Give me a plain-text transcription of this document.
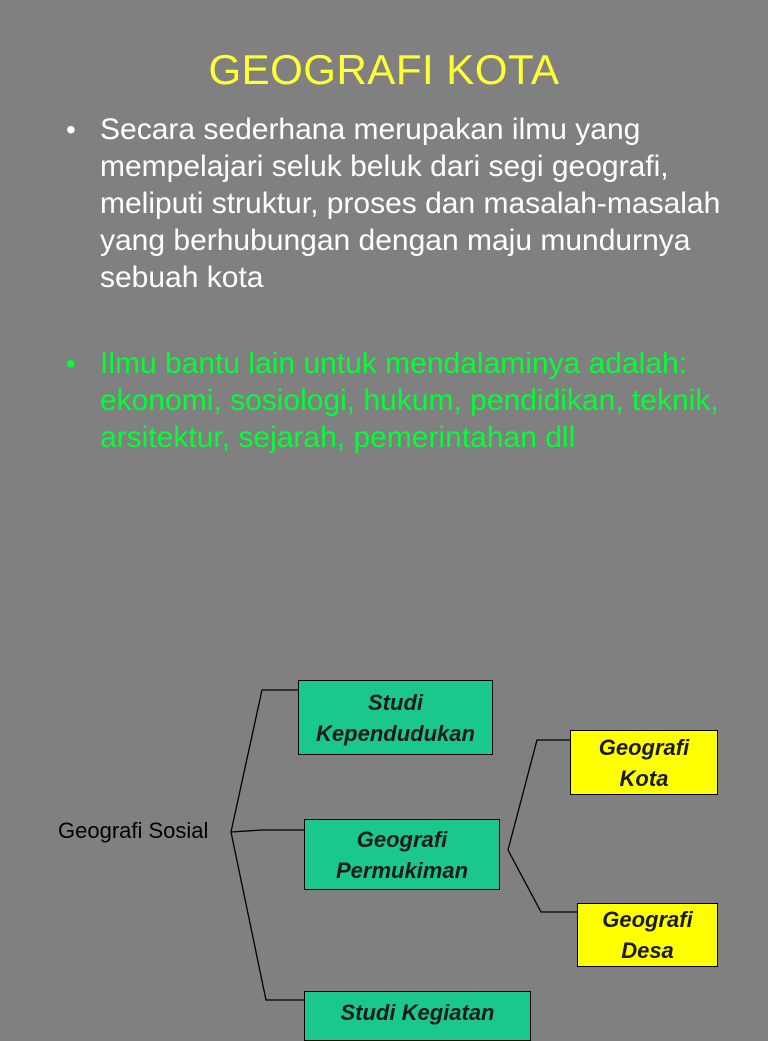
GEOGRAFI KOTA
• Secara sederhana merupakan ilmu yang mempelajari seluk beluk dari segi geografi, meliputi struktur, proses dan masalah-masalah yang berhubungan dengan maju mundurnya sebuah kota
• Ilmu bantu lain untuk mendalaminya adalah: ekonomi, sosiologi, hukum, pendidikan, teknik, arsitektur, sejarah, pemerintahan dll
Geografi Sosial
Studi
Kependudukan
Geografi
Permukiman
Studi Kegiatan
Geografi
Kota
Geografi
Desa
